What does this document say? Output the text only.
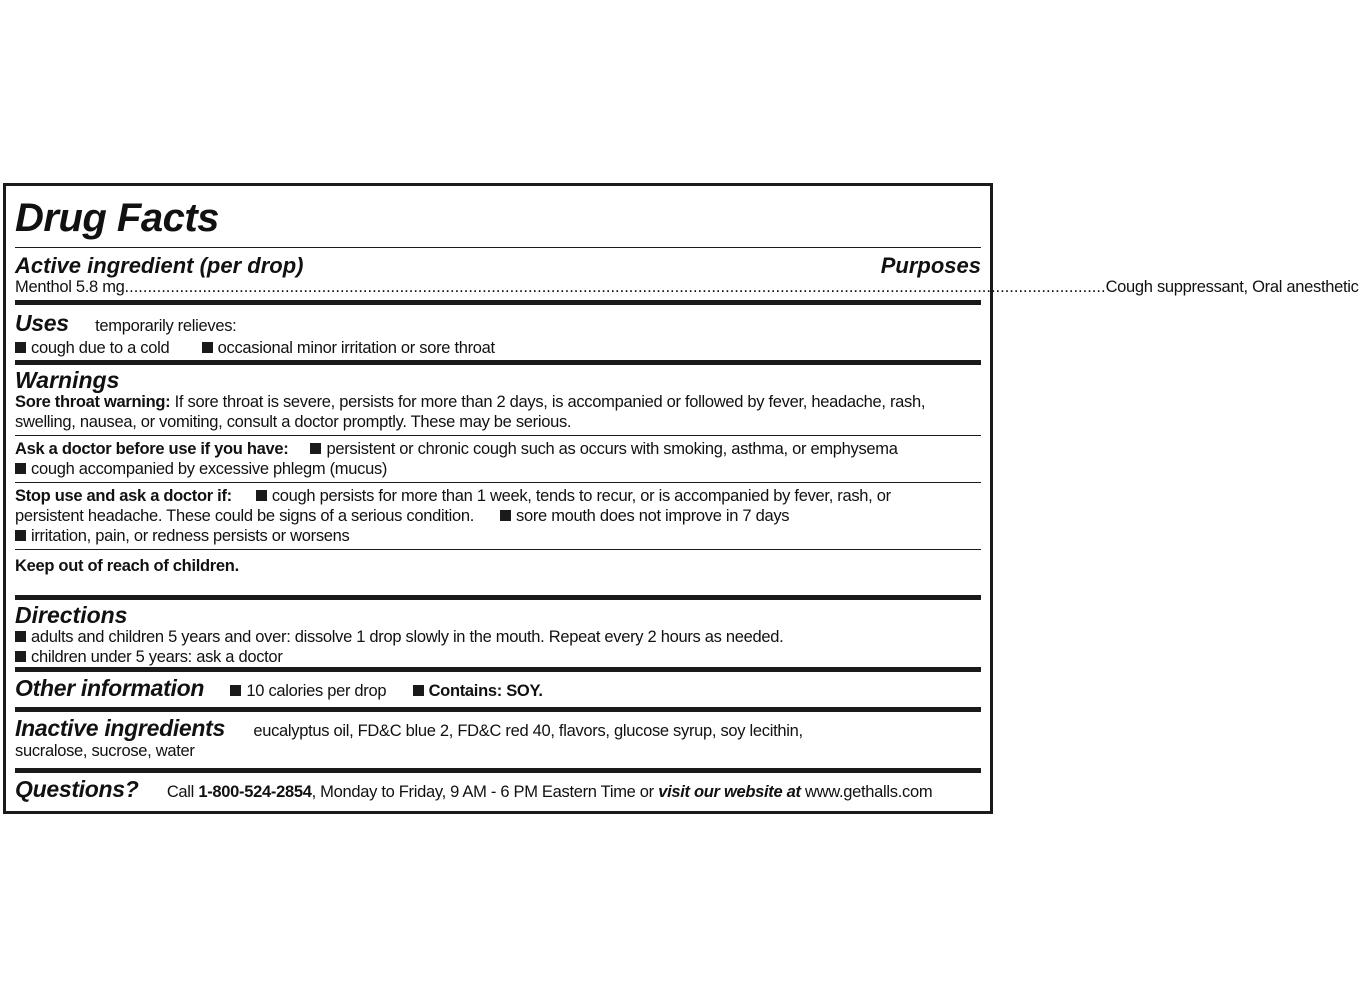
Drug Facts
Active ingredient (per drop)	Purposes
Menthol 5.8 mg ...................................................................................................................................................................................................................... Cough suppressant, Oral anesthetic
Uses temporarily relieves:
cough due to a cold	occasional minor irritation or sore throat
Warnings
Sore throat warning: If sore throat is severe, persists for more than 2 days, is accompanied or followed by fever, headache, rash,
swelling, nausea, or vomiting, consult a doctor promptly. These may be serious.
Ask a doctor before use if you have: persistent or chronic cough such as occurs with smoking, asthma, or emphysema
cough accompanied by excessive phlegm (mucus)
Stop use and ask a doctor if: cough persists for more than 1 week, tends to recur, or is accompanied by fever, rash, or
persistent headache. These could be signs of a serious condition.	sore mouth does not improve in 7 days
irritation, pain, or redness persists or worsens
Keep out of reach of children.
Directions
adults and children 5 years and over: dissolve 1 drop slowly in the mouth. Repeat every 2 hours as needed.
children under 5 years: ask a doctor
Other information	10 calories per drop	Contains: SOY.
Inactive ingredients eucalyptus oil, FD&C blue 2, FD&C red 40, flavors, glucose syrup, soy lecithin,
sucralose, sucrose, water
Questions? Call 1-800-524-2854, Monday to Friday, 9 AM - 6 PM Eastern Time or visit our website at www.gethalls.com
